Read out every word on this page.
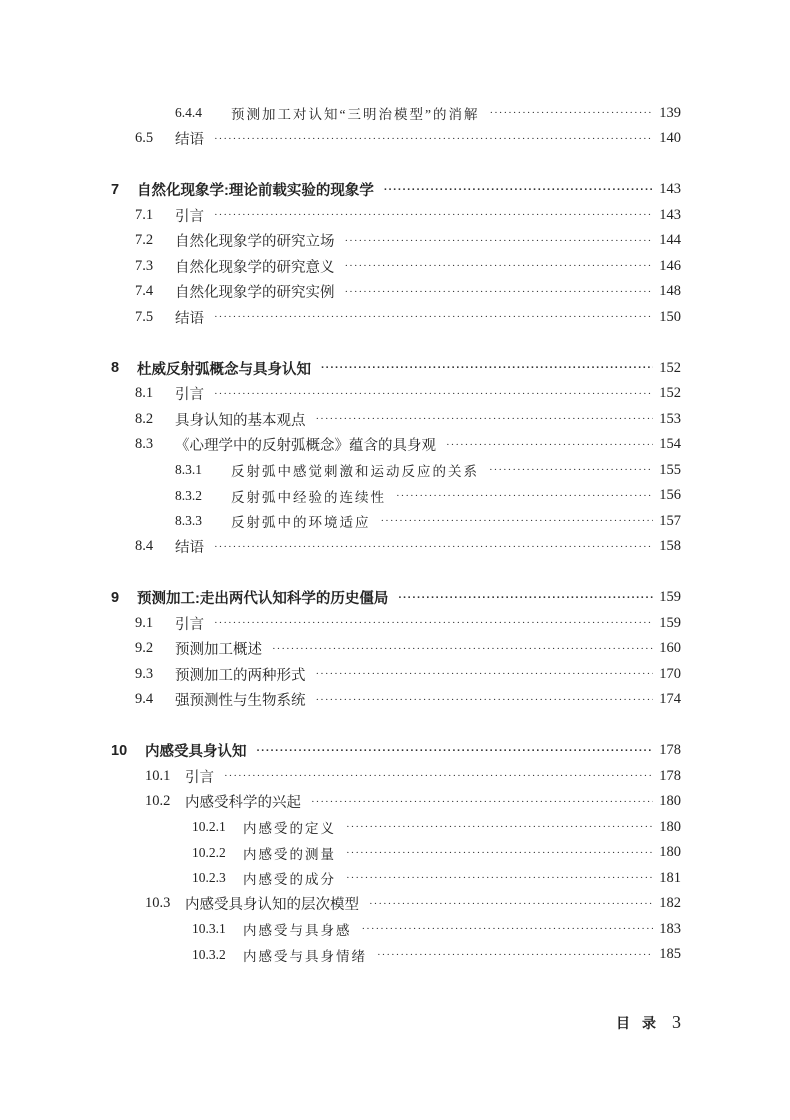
6.4.4	预测加工对认知“三明治模型”的消解 ·····	139
6.5	结语 ·····	140
7	自然化现象学:理论前载实验的现象学 ·····	143
7.1	引言 ·····	143
7.2	自然化现象学的研究立场 ·····	144
7.3	自然化现象学的研究意义 ·····	146
7.4	自然化现象学的研究实例 ·····	148
7.5	结语 ·····	150
8	杜威反射弧概念与具身认知 ·····	152
8.1	引言 ·····	152
8.2	具身认知的基本观点 ·····	153
8.3	《心理学中的反射弧概念》蕴含的具身观 ·····	154
8.3.1	反射弧中感觉刺激和运动反应的关系 ·····	155
8.3.2	反射弧中经验的连续性 ·····	156
8.3.3	反射弧中的环境适应 ·····	157
8.4	结语 ·····	158
9	预测加工:走出两代认知科学的历史僵局 ·····	159
9.1	引言 ·····	159
9.2	预测加工概述 ·····	160
9.3	预测加工的两种形式 ·····	170
9.4	强预测性与生物系统 ·····	174
10	内感受具身认知 ·····	178
10.1	引言 ·····	178
10.2	内感受科学的兴起 ·····	180
10.2.1	内感受的定义 ·····	180
10.2.2	内感受的测量 ·····	180
10.2.3	内感受的成分 ·····	181
10.3	内感受具身认知的层次模型 ·····	182
10.3.1	内感受与具身感 ·····	183
10.3.2	内感受与具身情绪 ·····	185
目录 3
